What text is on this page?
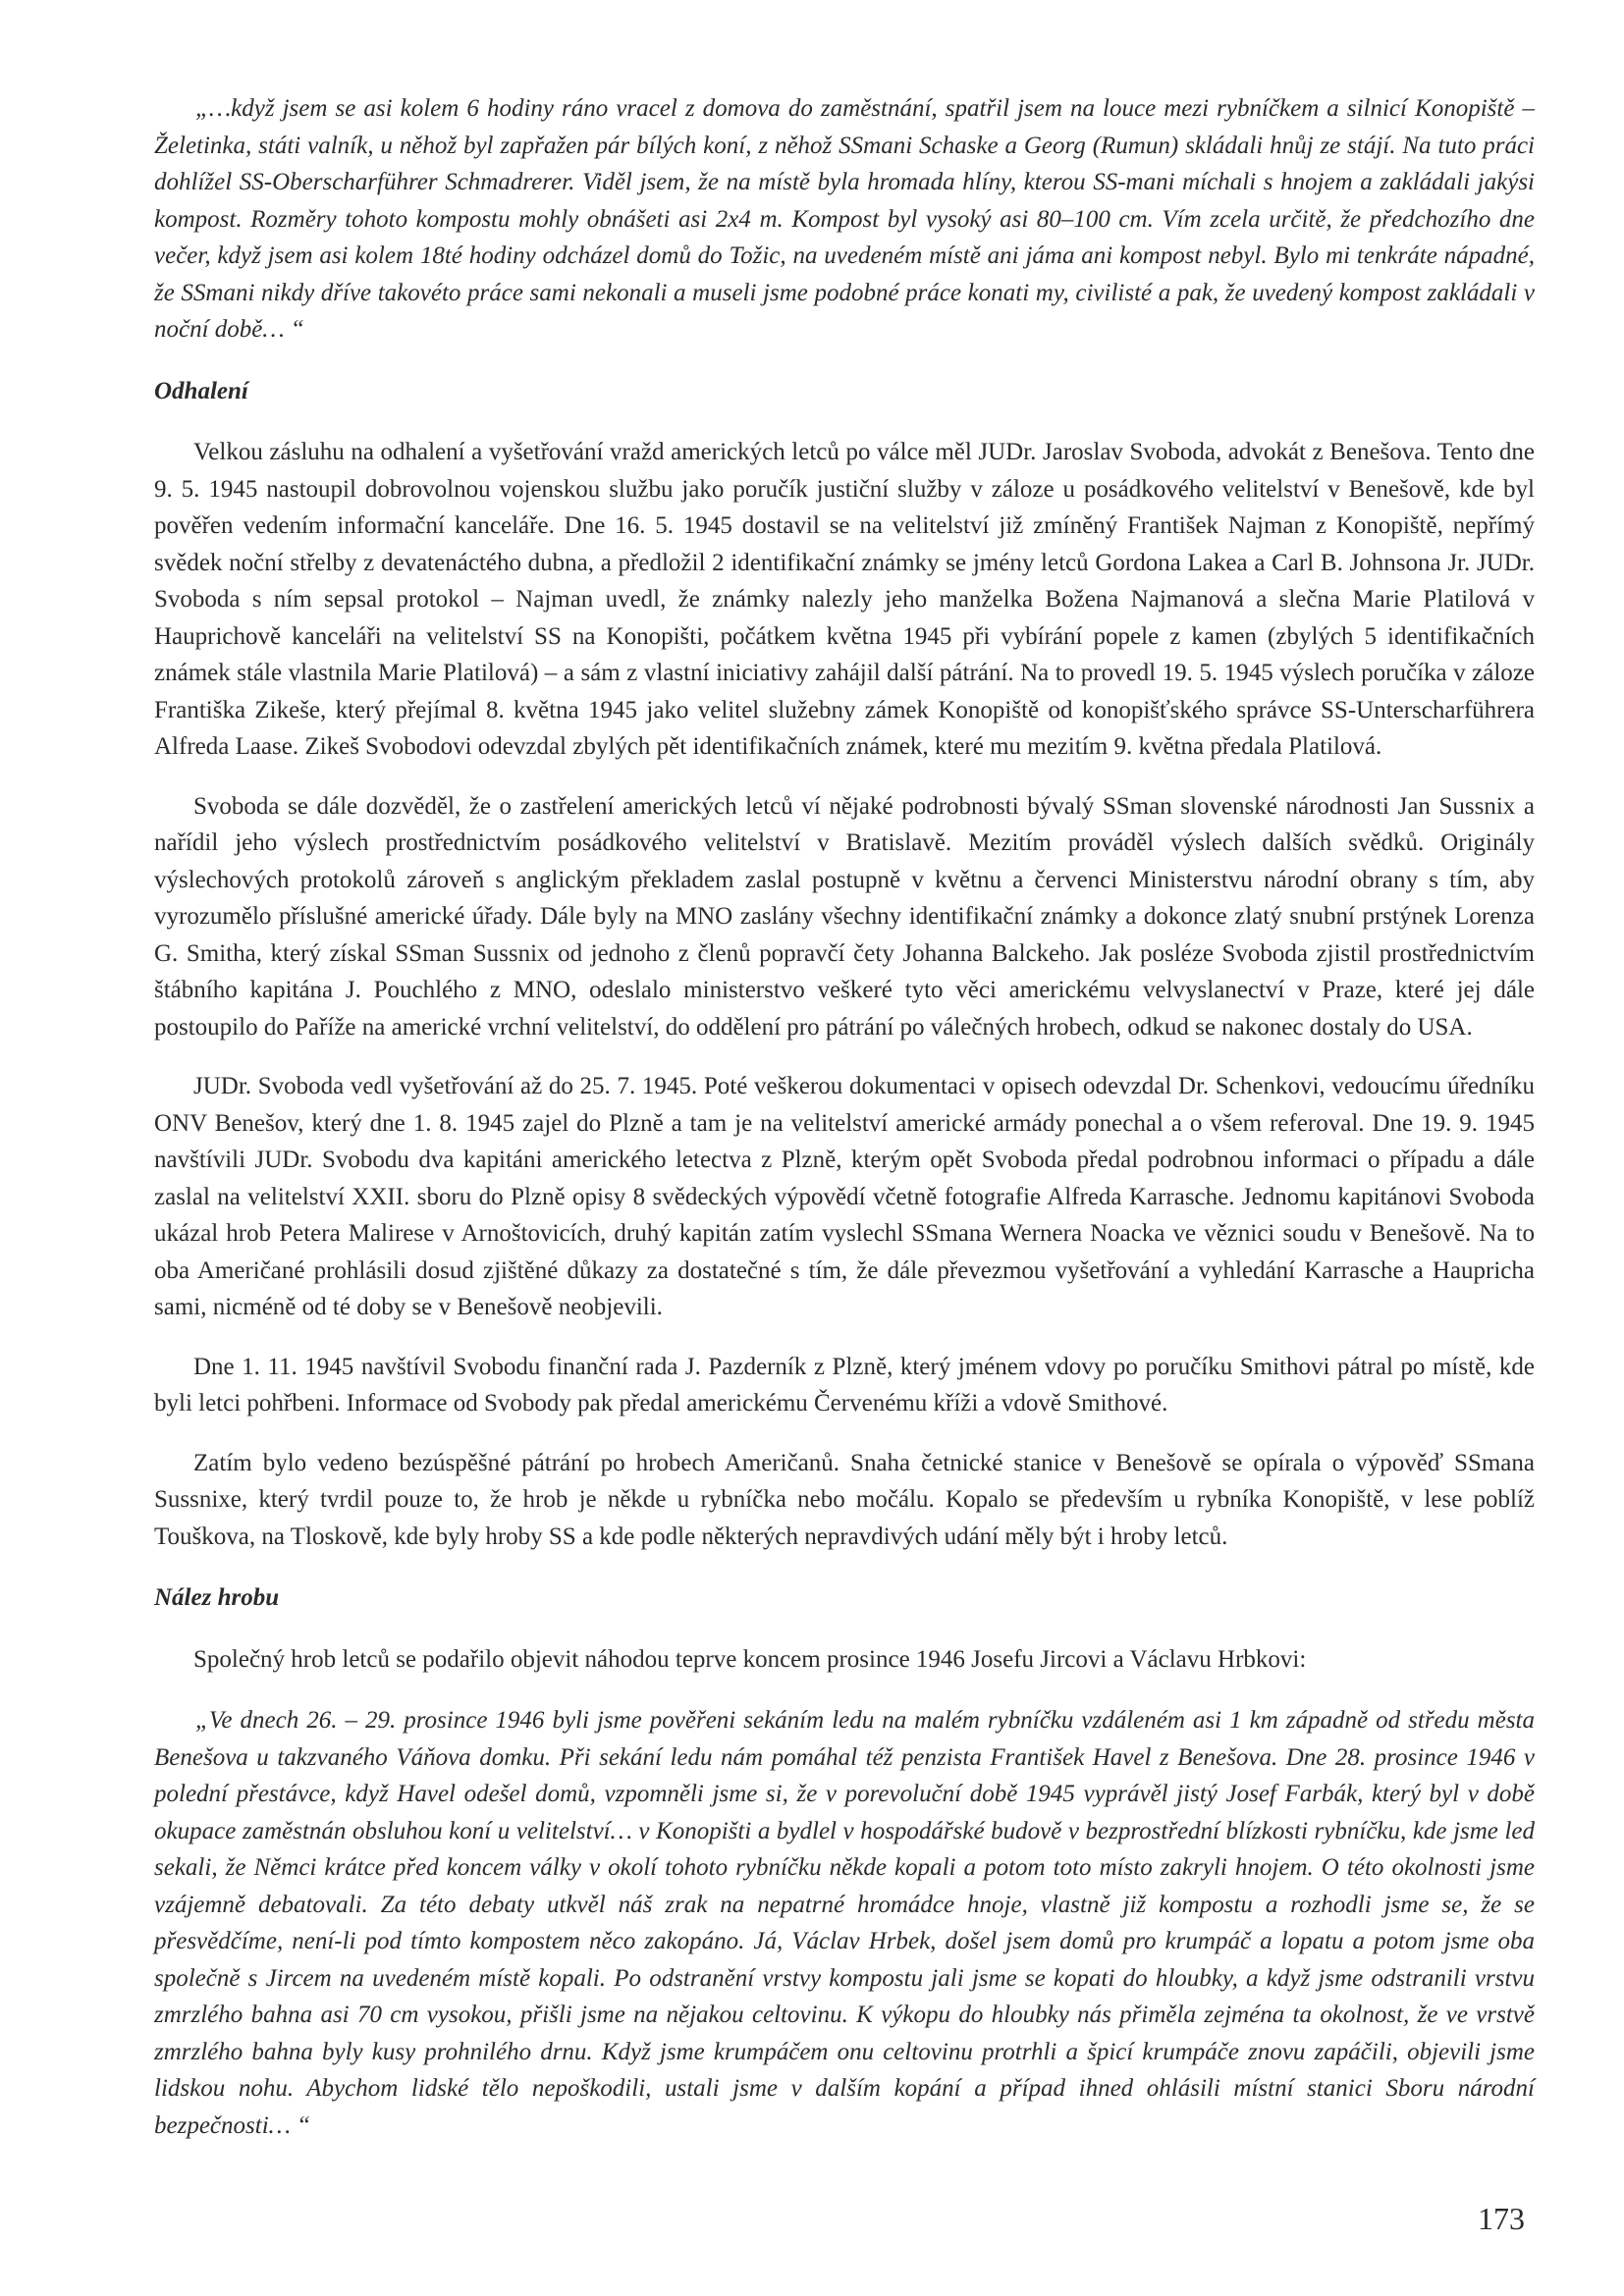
„…když jsem se asi kolem 6 hodiny ráno vracel z domova do zaměstnání, spatřil jsem na louce mezi rybníčkem a silnicí Konopiště – Želetinka, státi valník, u něhož byl zapřažen pár bílých koní, z něhož SSmani Schaske a Georg (Rumun) skládali hnůj ze stájí. Na tuto práci dohlížel SS-Oberscharführer Schmadrerer. Viděl jsem, že na místě byla hromada hlíny, kterou SS-mani míchali s hnojem a zakládali jakýsi kompost. Rozměry tohoto kompostu mohly obnášeti asi 2x4 m. Kompost byl vysoký asi 80–100 cm. Vím zcela určitě, že předchozího dne večer, když jsem asi kolem 18té hodiny odcházel domů do Tožic, na uvedeném místě ani jáma ani kompost nebyl. Bylo mi tenkráte nápadné, že SSmani nikdy dříve takovéto práce sami nekonali a museli jsme podobné práce konati my, civilisté a pak, že uvedený kompost zakládali v noční době… “

Odhalení

Velkou zásluhu na odhalení a vyšetřování vražd amerických letců po válce měl JUDr. Jaroslav Svoboda, advokát z Benešova. Tento dne 9. 5. 1945 nastoupil dobrovolnou vojenskou službu jako poručík justiční služby v záloze u posádkového velitelství v Benešově, kde byl pověřen vedením informační kanceláře. Dne 16. 5. 1945 dostavil se na velitelství již zmíněný František Najman z Konopiště, nepřímý svědek noční střelby z devatenáctého dubna, a předložil 2 identifikační známky se jmény letců Gordona Lakea a Carl B. Johnsona Jr. JUDr. Svoboda s ním sepsal protokol – Najman uvedl, že známky nalezly jeho manželka Božena Najmanová a slečna Marie Platilová v Hauprichově kanceláři na velitelství SS na Konopišti, počátkem května 1945 při vybírání popele z kamen (zbylých 5 identifikačních známek stále vlastnila Marie Platilová) – a sám z vlastní iniciativy zahájil další pátrání. Na to provedl 19. 5. 1945 výslech poručíka v záloze Františka Zikeše, který přejímal 8. května 1945 jako velitel služebny zámek Konopiště od konopišťského správce SS-Unterscharführera Alfreda Laase. Zikeš Svobodovi odevzdal zbylých pět identifikačních známek, které mu mezitím 9. května předala Platilová.

Svoboda se dále dozvěděl, že o zastřelení amerických letců ví nějaké podrobnosti bývalý SSman slovenské národnosti Jan Sussnix a nařídil jeho výslech prostřednictvím posádkového velitelství v Bratislavě. Mezitím prováděl výslech dalších svědků. Originály výslechových protokolů zároveň s anglickým překladem zaslal postupně v květnu a červenci Ministerstvu národní obrany s tím, aby vyrozumělo příslušné americké úřady. Dále byly na MNO zaslány všechny identifikační známky a dokonce zlatý snubní prstýnek Lorenza G. Smitha, který získal SSman Sussnix od jednoho z členů popravčí čety Johanna Balckeho. Jak posléze Svoboda zjistil prostřednictvím štábního kapitána J. Pouchlého z MNO, odeslalo ministerstvo veškeré tyto věci americkému velvyslanectví v Praze, které jej dále postoupilo do Paříže na americké vrchní velitelství, do oddělení pro pátrání po válečných hrobech, odkud se nakonec dostaly do USA.

JUDr. Svoboda vedl vyšetřování až do 25. 7. 1945. Poté veškerou dokumentaci v opisech odevzdal Dr. Schenkovi, vedoucímu úředníku ONV Benešov, který dne 1. 8. 1945 zajel do Plzně a tam je na velitelství americké armády ponechal a o všem referoval. Dne 19. 9. 1945 navštívili JUDr. Svobodu dva kapitáni amerického letectva z Plzně, kterým opět Svoboda předal podrobnou informaci o případu a dále zaslal na velitelství XXII. sboru do Plzně opisy 8 svědeckých výpovědí včetně fotografie Alfreda Karrasche. Jednomu kapitánovi Svoboda ukázal hrob Petera Malirese v Arnoštovicích, druhý kapitán zatím vyslechl SSmana Wernera Noacka ve věznici soudu v Benešově. Na to oba Američané prohlásili dosud zjištěné důkazy za dostatečné s tím, že dále převezmou vyšetřování a vyhledání Karrasche a Hauprichа sami, nicméně od té doby se v Benešově neobjevili.

Dne 1. 11. 1945 navštívil Svobodu finanční rada J. Pazderník z Plzně, který jménem vdovy po poručíku Smithovi pátral po místě, kde byli letci pohřbeni. Informace od Svobody pak předal americkému Červenému kříži a vdově Smithové.

Zatím bylo vedeno bezúspěšné pátrání po hrobech Američanů. Snaha četnické stanice v Benešově se opírala o výpověď SSmana Sussnixe, který tvrdil pouze to, že hrob je někde u rybníčka nebo močálu. Kopalo se především u rybníka Konopiště, v lese poblíž Touškova, na Tloskově, kde byly hroby SS a kde podle některých nepravdivých udání měly být i hroby letců.

Nález hrobu

Společný hrob letců se podařilo objevit náhodou teprve koncem prosince 1946 Josefu Jircovi a Václavu Hrbkovi:

„Ve dnech 26. – 29. prosince 1946 byli jsme pověřeni sekáním ledu na malém rybníčku vzdáleném asi 1 km západně od středu města Benešova u takzvaného Váňova domku. Při sekání ledu nám pomáhal též penzista František Havel z Benešova. Dne 28. prosince 1946 v polední přestávce, když Havel odešel domů, vzpomněli jsme si, že v porevoluční době 1945 vyprávěl jistý Josef Farbák, který byl v době okupace zaměstnán obsluhou koní u velitelství… v Konopišti a bydlel v hospodářské budově v bezprostřední blízkosti rybníčku, kde jsme led sekali, že Němci krátce před koncem války v okolí tohoto rybníčku někde kopali a potom toto místo zakryli hnojem. O této okolnosti jsme vzájemně debatovali. Za této debaty utkvěl náš zrak na nepatrné hromádce hnoje, vlastně již kompostu a rozhodli jsme se, že se přesvědčíme, není-li pod tímto kompostem něco zakopáno. Já, Václav Hrbek, došel jsem domů pro krumpáč a lopatu a potom jsme oba společně s Jircem na uvedeném místě kopali. Po odstranění vrstvy kompostu jali jsme se kopati do hloubky, a když jsme odstranili vrstvu zmrzlého bahna asi 70 cm vysokou, přišli jsme na nějakou celtovinu. K výkopu do hloubky nás přiměla zejména ta okolnost, že ve vrstvě zmrzlého bahna byly kusy prohnilého drnu. Když jsme krumpáčem onu celtovinu protrhli a špicí krumpáče znovu zapáčili, objevili jsme lidskou nohu. Abychom lidské tělo nepoškodili, ustali jsme v dalším kopání a případ ihned ohlásili místní stanici Sboru národní bezpečnosti… “

173
